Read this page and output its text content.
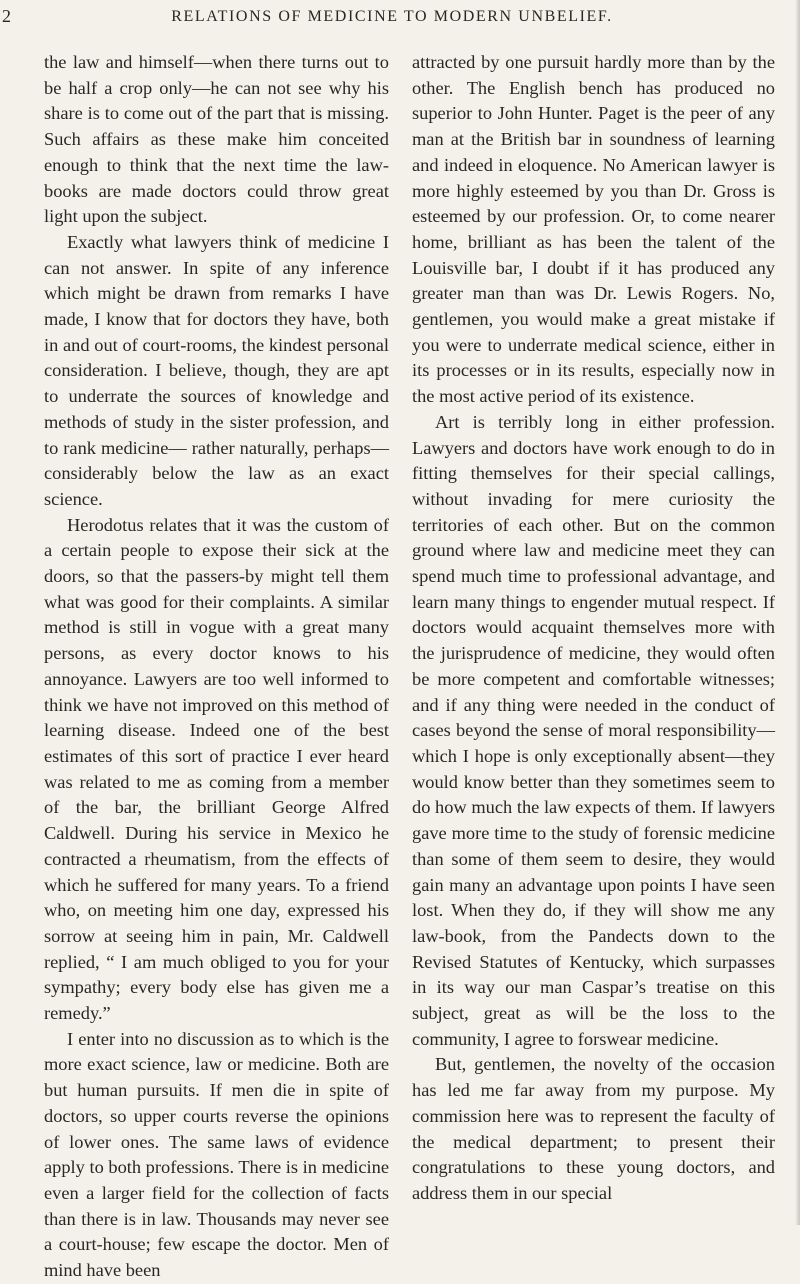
2	RELATIONS OF MEDICINE TO MODERN UNBELIEF.

the law and himself—when there turns out to be half a crop only—he can not see why his share is to come out of the part that is missing. Such affairs as these make him conceited enough to think that the next time the law-books are made doctors could throw great light upon the subject.

Exactly what lawyers think of medicine I can not answer. In spite of any inference which might be drawn from remarks I have made, I know that for doctors they have, both in and out of court-rooms, the kindest personal consideration. I believe, though, they are apt to underrate the sources of knowledge and methods of study in the sister profession, and to rank medicine— rather naturally, perhaps—considerably below the law as an exact science.

Herodotus relates that it was the custom of a certain people to expose their sick at the doors, so that the passers-by might tell them what was good for their complaints. A similar method is still in vogue with a great many persons, as every doctor knows to his annoyance. Lawyers are too well informed to think we have not improved on this method of learning disease. Indeed one of the best estimates of this sort of practice I ever heard was related to me as coming from a member of the bar, the brilliant George Alfred Caldwell. During his service in Mexico he contracted a rheumatism, from the effects of which he suffered for many years. To a friend who, on meeting him one day, expressed his sorrow at seeing him in pain, Mr. Caldwell replied, “ I am much obliged to you for your sympathy; every body else has given me a remedy.”

I enter into no discussion as to which is the more exact science, law or medicine. Both are but human pursuits. If men die in spite of doctors, so upper courts reverse the opinions of lower ones. The same laws of evidence apply to both professions. There is in medicine even a larger field for the collection of facts than there is in law. Thousands may never see a court-house; few escape the doctor. Men of mind have been

attracted by one pursuit hardly more than by the other. The English bench has produced no superior to John Hunter. Paget is the peer of any man at the British bar in soundness of learning and indeed in eloquence. No American lawyer is more highly esteemed by you than Dr. Gross is esteemed by our profession. Or, to come nearer home, brilliant as has been the talent of the Louisville bar, I doubt if it has produced any greater man than was Dr. Lewis Rogers. No, gentlemen, you would make a great mistake if you were to underrate medical science, either in its processes or in its results, especially now in the most active period of its existence.

Art is terribly long in either profession. Lawyers and doctors have work enough to do in fitting themselves for their special callings, without invading for mere curiosity the territories of each other. But on the common ground where law and medicine meet they can spend much time to professional advantage, and learn many things to engender mutual respect. If doctors would acquaint themselves more with the jurisprudence of medicine, they would often be more competent and comfortable witnesses; and if any thing were needed in the conduct of cases beyond the sense of moral responsibility—which I hope is only exceptionally absent—they would know better than they sometimes seem to do how much the law expects of them. If lawyers gave more time to the study of forensic medicine than some of them seem to desire, they would gain many an advantage upon points I have seen lost. When they do, if they will show me any law-book, from the Pandects down to the Revised Statutes of Kentucky, which surpasses in its way our man Caspar’s treatise on this subject, great as will be the loss to the community, I agree to forswear medicine.

But, gentlemen, the novelty of the occasion has led me far away from my purpose. My commission here was to represent the faculty of the medical department; to present their congratulations to these young doctors, and address them in our special
